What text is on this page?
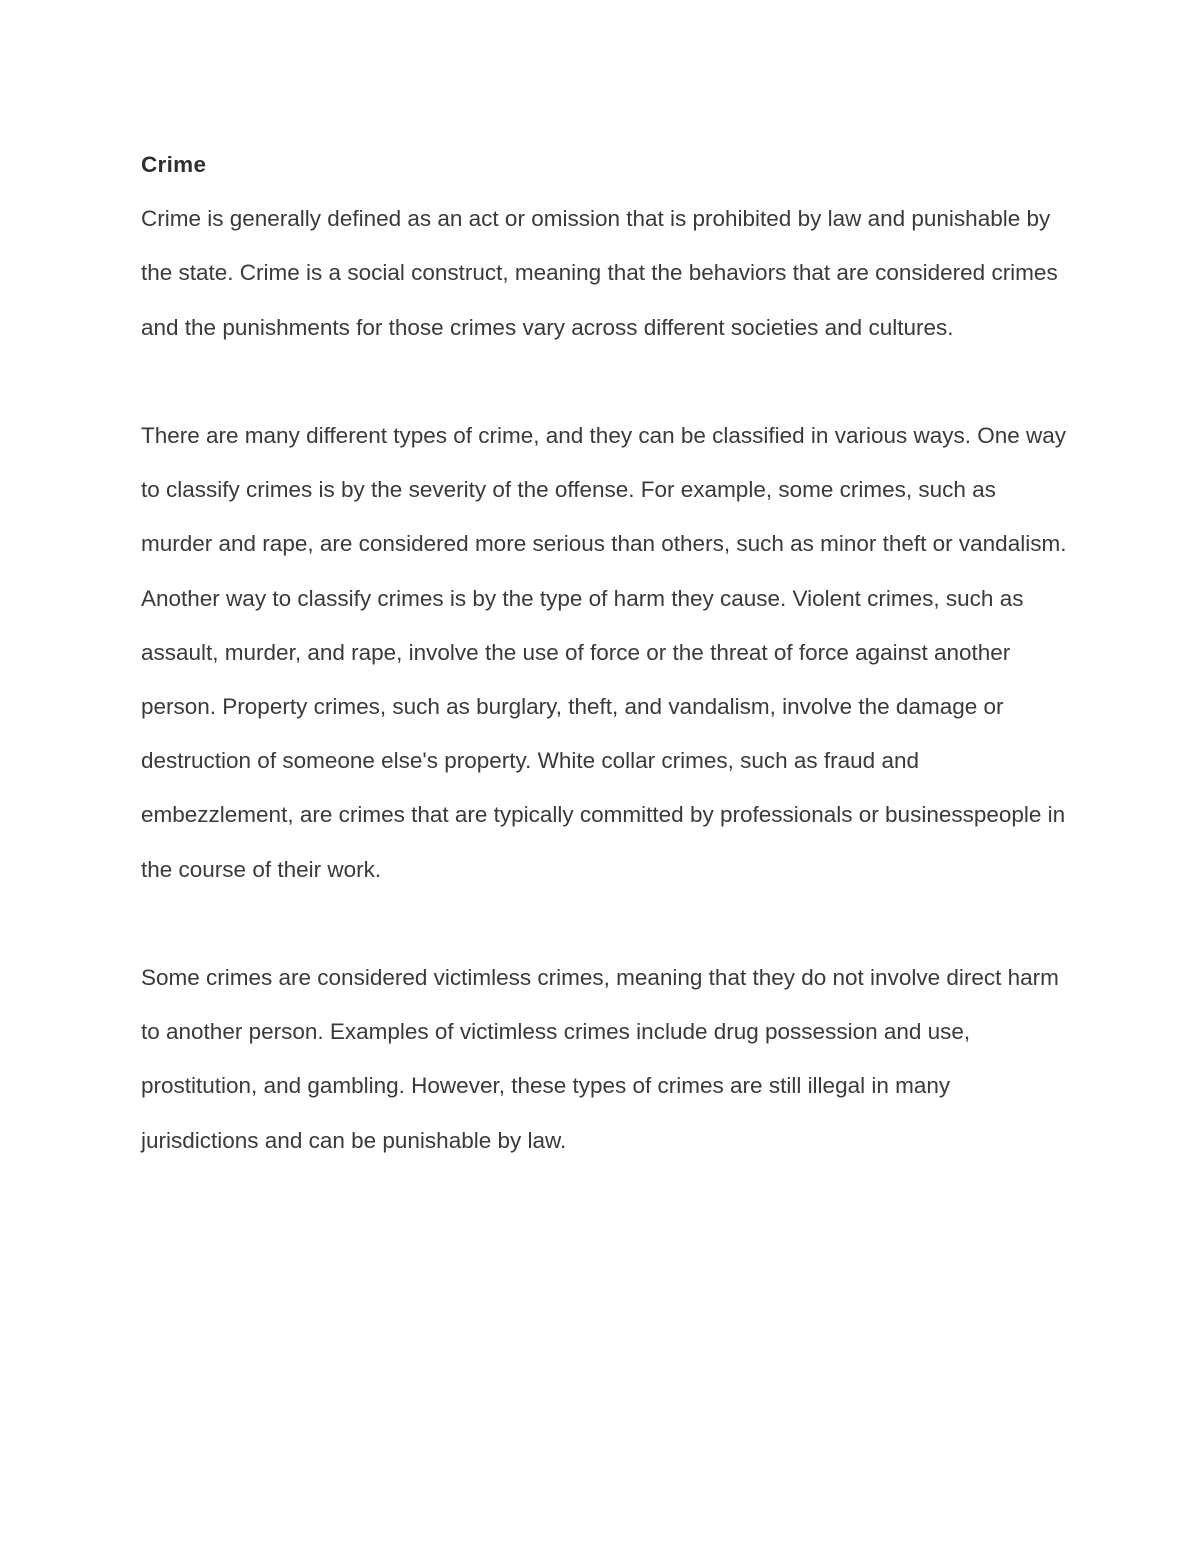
Crime

Crime is generally defined as an act or omission that is prohibited by law and punishable by the state. Crime is a social construct, meaning that the behaviors that are considered crimes and the punishments for those crimes vary across different societies and cultures.

There are many different types of crime, and they can be classified in various ways. One way to classify crimes is by the severity of the offense. For example, some crimes, such as murder and rape, are considered more serious than others, such as minor theft or vandalism. Another way to classify crimes is by the type of harm they cause. Violent crimes, such as assault, murder, and rape, involve the use of force or the threat of force against another person. Property crimes, such as burglary, theft, and vandalism, involve the damage or destruction of someone else's property. White collar crimes, such as fraud and embezzlement, are crimes that are typically committed by professionals or businesspeople in the course of their work.

Some crimes are considered victimless crimes, meaning that they do not involve direct harm to another person. Examples of victimless crimes include drug possession and use, prostitution, and gambling. However, these types of crimes are still illegal in many jurisdictions and can be punishable by law.
